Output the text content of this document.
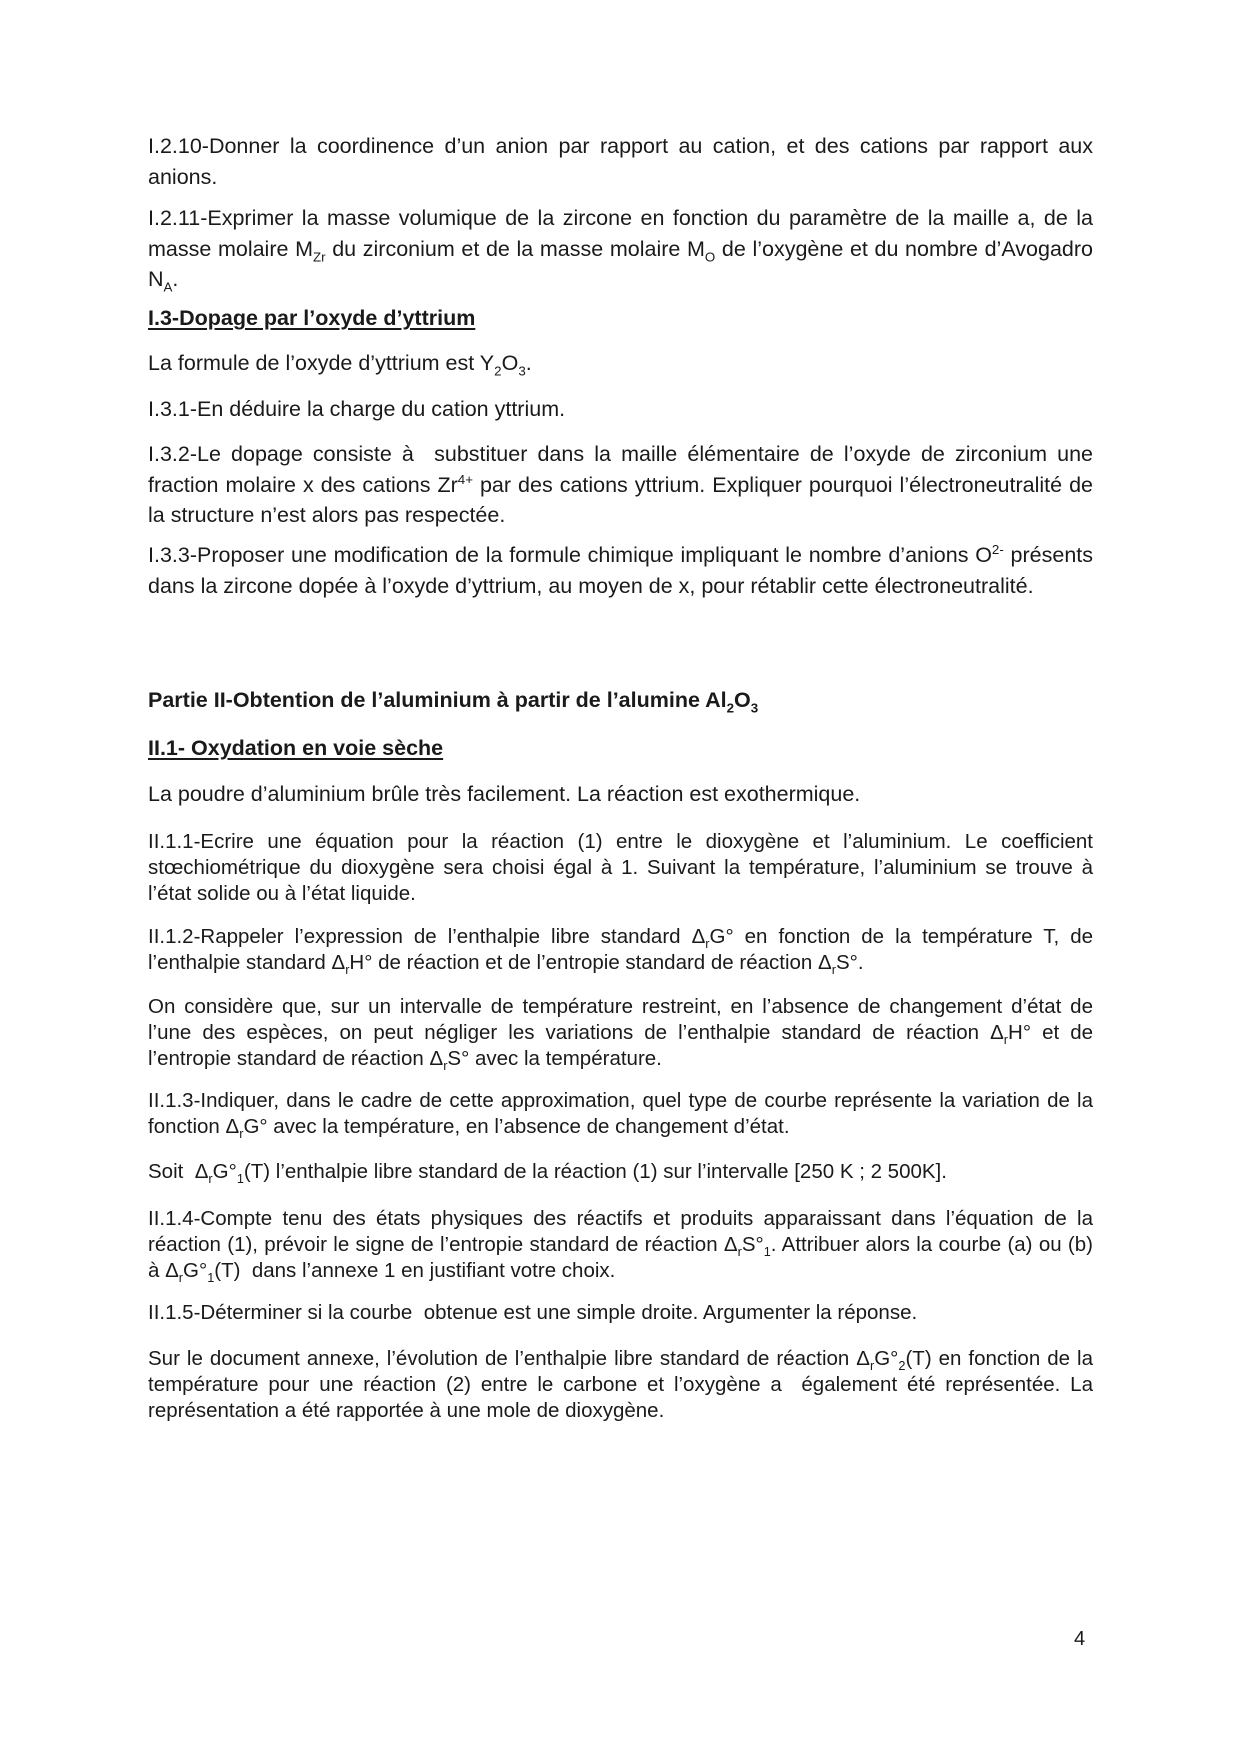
I.2.10-Donner la coordinence d’un anion par rapport au cation, et des cations par rapport aux anions.

I.2.11-Exprimer la masse volumique de la zircone en fonction du paramètre de la maille a, de la masse molaire $M_{Zr}$ du zirconium et de la masse molaire $M_O$ de l’oxygène et du nombre d’Avogadro $N_A$.

I.3-Dopage par l’oxyde d’yttrium

La formule de l’oxyde d’yttrium est $Y_2O_3$.

I.3.1-En déduire la charge du cation yttrium.

I.3.2-Le dopage consiste à  substituer dans la maille élémentaire de l’oxyde de zirconium une fraction molaire x des cations $Zr^{4+}$ par des cations yttrium. Expliquer pourquoi l’électroneutralité de la structure n’est alors pas respectée.

I.3.3-Proposer une modification de la formule chimique impliquant le nombre d’anions $O^{2-}$ présents dans la zircone dopée à l’oxyde d’yttrium, au moyen de x, pour rétablir cette électroneutralité.

Partie II-Obtention de l’aluminium à partir de l’alumine $Al_2O_3$

II.1- Oxydation en voie sèche

La poudre d’aluminium brûle très facilement. La réaction est exothermique.

II.1.1-Ecrire une équation pour la réaction (1) entre le dioxygène et l’aluminium. Le coefficient stœchiométrique du dioxygène sera choisi égal à 1. Suivant la température, l’aluminium se trouve à l’état solide ou à l’état liquide.

II.1.2-Rappeler l’expression de l’enthalpie libre standard $\Delta_rG^\circ$ en fonction de la température T, de l’enthalpie standard $\Delta_rH^\circ$ de réaction et de l’entropie standard de réaction $\Delta_rS^\circ$.

On considère que, sur un intervalle de température restreint, en l’absence de changement d’état de l’une des espèces, on peut négliger les variations de l’enthalpie standard de réaction $\Delta_rH^\circ$ et de l’entropie standard de réaction $\Delta_rS^\circ$ avec la température.

II.1.3-Indiquer, dans le cadre de cette approximation, quel type de courbe représente la variation de la fonction $\Delta_rG^\circ$ avec la température, en l’absence de changement d’état.

Soit  $\Delta_rG^\circ_1(T)$ l’enthalpie libre standard de la réaction (1) sur l’intervalle [250 K ; 2 500K].

II.1.4-Compte tenu des états physiques des réactifs et produits apparaissant dans l’équation de la réaction (1), prévoir le signe de l’entropie standard de réaction $\Delta_rS^\circ_1$. Attribuer alors la courbe (a) ou (b) à $\Delta_rG^\circ_1(T)$  dans l’annexe 1 en justifiant votre choix.

II.1.5-Déterminer si la courbe  obtenue est une simple droite. Argumenter la réponse.

Sur le document annexe, l’évolution de l’enthalpie libre standard de réaction $\Delta_rG^\circ_2(T)$ en fonction de la température pour une réaction (2) entre le carbone et l’oxygène a  également été représentée. La représentation a été rapportée à une mole de dioxygène.

4
